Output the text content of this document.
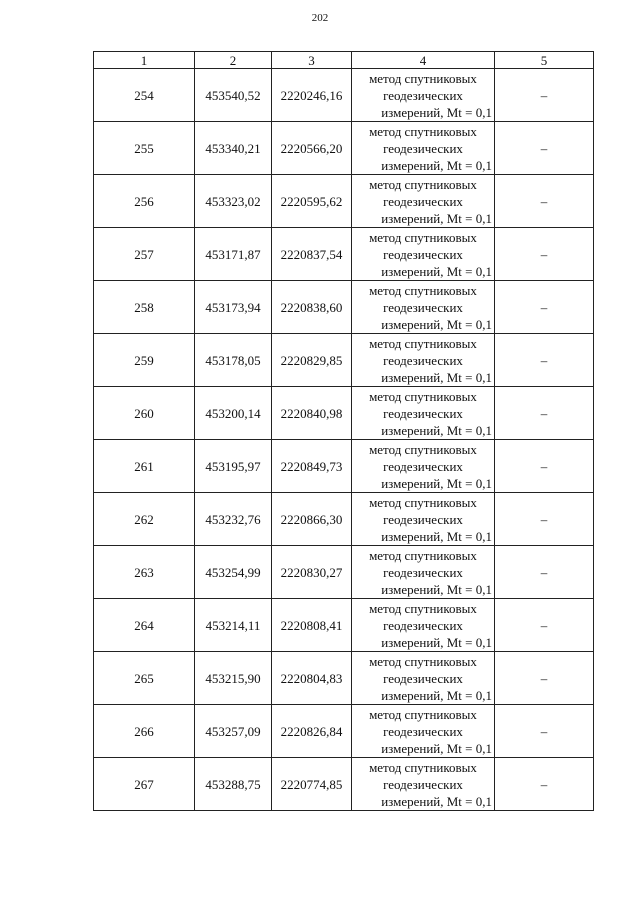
202
1	2	3	4	5
254	453540,52	2220246,16	метод спутниковых
геодезических
измерений, Mt = 0,1	–
255	453340,21	2220566,20	метод спутниковых
геодезических
измерений, Mt = 0,1	–
256	453323,02	2220595,62	метод спутниковых
геодезических
измерений, Mt = 0,1	–
257	453171,87	2220837,54	метод спутниковых
геодезических
измерений, Mt = 0,1	–
258	453173,94	2220838,60	метод спутниковых
геодезических
измерений, Mt = 0,1	–
259	453178,05	2220829,85	метод спутниковых
геодезических
измерений, Mt = 0,1	–
260	453200,14	2220840,98	метод спутниковых
геодезических
измерений, Mt = 0,1	–
261	453195,97	2220849,73	метод спутниковых
геодезических
измерений, Mt = 0,1	–
262	453232,76	2220866,30	метод спутниковых
геодезических
измерений, Mt = 0,1	–
263	453254,99	2220830,27	метод спутниковых
геодезических
измерений, Mt = 0,1	–
264	453214,11	2220808,41	метод спутниковых
геодезических
измерений, Mt = 0,1	–
265	453215,90	2220804,83	метод спутниковых
геодезических
измерений, Mt = 0,1	–
266	453257,09	2220826,84	метод спутниковых
геодезических
измерений, Mt = 0,1	–
267	453288,75	2220774,85	метод спутниковых
геодезических
измерений, Mt = 0,1	–
